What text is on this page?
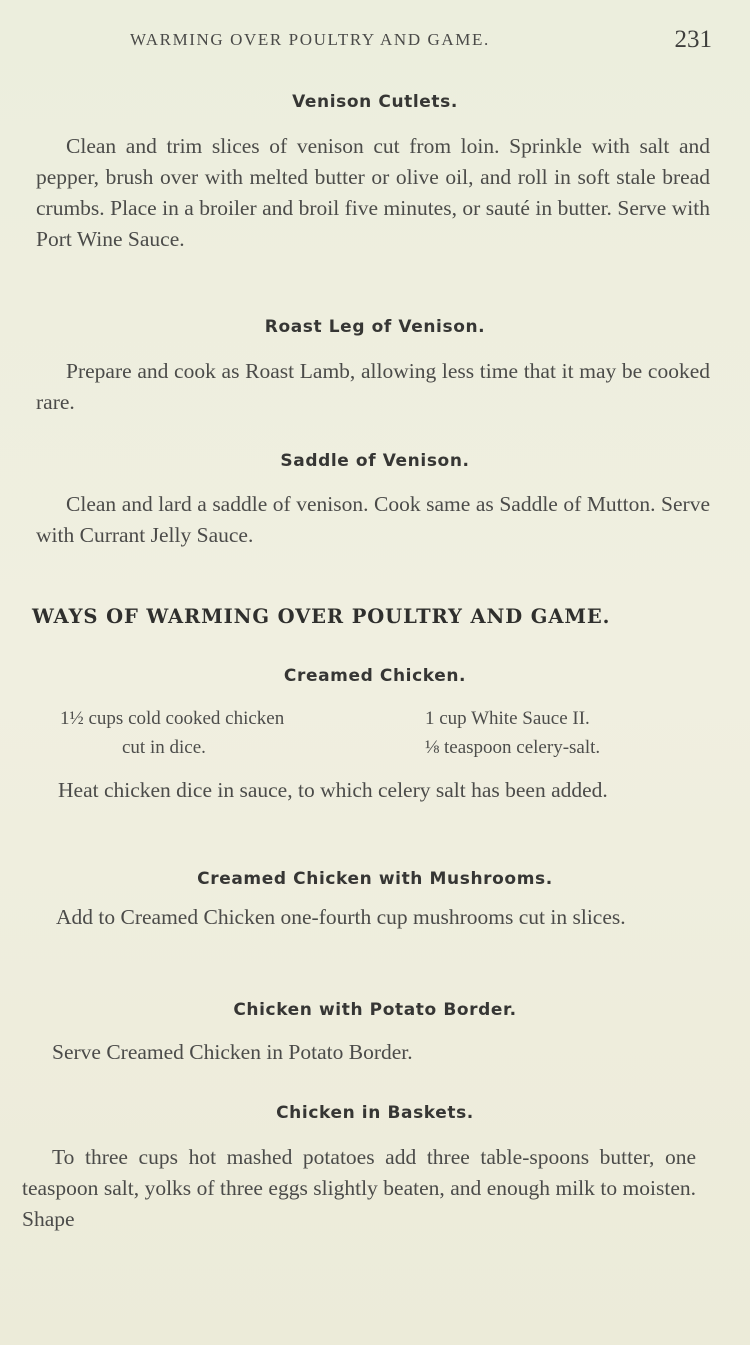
WARMING OVER POULTRY AND GAME.	231
Venison Cutlets.

Clean and trim slices of venison cut from loin. Sprinkle with salt and pepper, brush over with melted butter or olive oil, and roll in soft stale bread crumbs. Place in a broiler and broil five minutes, or sauté in butter. Serve with Port Wine Sauce.

Roast Leg of Venison.

Prepare and cook as Roast Lamb, allowing less time that it may be cooked rare.

Saddle of Venison.

Clean and lard a saddle of venison. Cook same as Saddle of Mutton. Serve with Currant Jelly Sauce.

WAYS OF WARMING OVER POULTRY AND GAME.
Creamed Chicken.
1½ cups cold cooked chicken
cut in dice.
1 cup White Sauce II.
⅛ teaspoon celery-salt.

Heat chicken dice in sauce, to which celery salt has been added.

Creamed Chicken with Mushrooms.

Add to Creamed Chicken one-fourth cup mushrooms cut in slices.

Chicken with Potato Border.

Serve Creamed Chicken in Potato Border.

Chicken in Baskets.

To three cups hot mashed potatoes add three table-spoons butter, one teaspoon salt, yolks of three eggs slightly beaten, and enough milk to moisten. Shape
